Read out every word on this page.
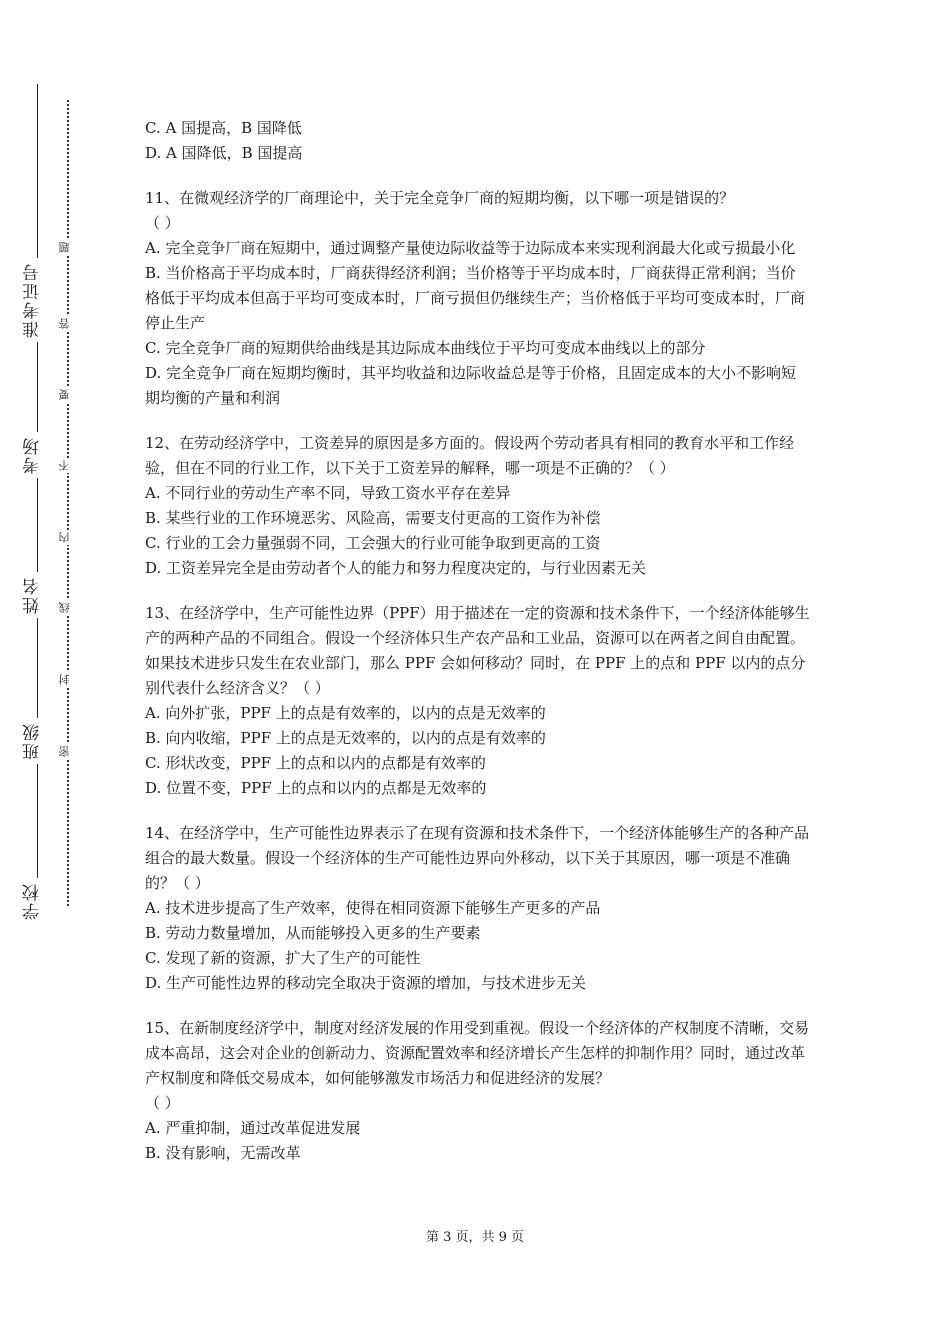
准考证号
考场
姓名
班级
学校
题
答
要
不
内
线
封
密
C. A 国提高，B 国降低
D. A 国降低，B 国提高
11、在微观经济学的厂商理论中，关于完全竞争厂商的短期均衡，以下哪一项是错误的？
（ ）
A. 完全竞争厂商在短期中，通过调整产量使边际收益等于边际成本来实现利润最大化或亏损最小化
B. 当价格高于平均成本时，厂商获得经济利润；当价格等于平均成本时，厂商获得正常利润；当价格低于平均成本但高于平均可变成本时，厂商亏损但仍继续生产；当价格低于平均可变成本时，厂商停止生产
C. 完全竞争厂商的短期供给曲线是其边际成本曲线位于平均可变成本曲线以上的部分
D. 完全竞争厂商在短期均衡时，其平均收益和边际收益总是等于价格，且固定成本的大小不影响短期均衡的产量和利润
12、在劳动经济学中，工资差异的原因是多方面的。假设两个劳动者具有相同的教育水平和工作经验，但在不同的行业工作，以下关于工资差异的解释，哪一项是不正确的？（ ）
A. 不同行业的劳动生产率不同，导致工资水平存在差异
B. 某些行业的工作环境恶劣、风险高，需要支付更高的工资作为补偿
C. 行业的工会力量强弱不同，工会强大的行业可能争取到更高的工资
D. 工资差异完全是由劳动者个人的能力和努力程度决定的，与行业因素无关
13、在经济学中，生产可能性边界（PPF）用于描述在一定的资源和技术条件下，一个经济体能够生产的两种产品的不同组合。假设一个经济体只生产农产品和工业品，资源可以在两者之间自由配置。如果技术进步只发生在农业部门，那么 PPF 会如何移动？同时，在 PPF 上的点和 PPF 以内的点分别代表什么经济含义？（ ）
A. 向外扩张，PPF 上的点是有效率的，以内的点是无效率的
B. 向内收缩，PPF 上的点是无效率的，以内的点是有效率的
C. 形状改变，PPF 上的点和以内的点都是有效率的
D. 位置不变，PPF 上的点和以内的点都是无效率的
14、在经济学中，生产可能性边界表示了在现有资源和技术条件下，一个经济体能够生产的各种产品组合的最大数量。假设一个经济体的生产可能性边界向外移动，以下关于其原因，哪一项是不准确的？（ ）
A. 技术进步提高了生产效率，使得在相同资源下能够生产更多的产品
B. 劳动力数量增加，从而能够投入更多的生产要素
C. 发现了新的资源，扩大了生产的可能性
D. 生产可能性边界的移动完全取决于资源的增加，与技术进步无关
15、在新制度经济学中，制度对经济发展的作用受到重视。假设一个经济体的产权制度不清晰，交易成本高昂，这会对企业的创新动力、资源配置效率和经济增长产生怎样的抑制作用？同时，通过改革产权制度和降低交易成本，如何能够激发市场活力和促进经济的发展？
（ ）
A. 严重抑制，通过改革促进发展
B. 没有影响，无需改革
第 3 页，共 9 页
